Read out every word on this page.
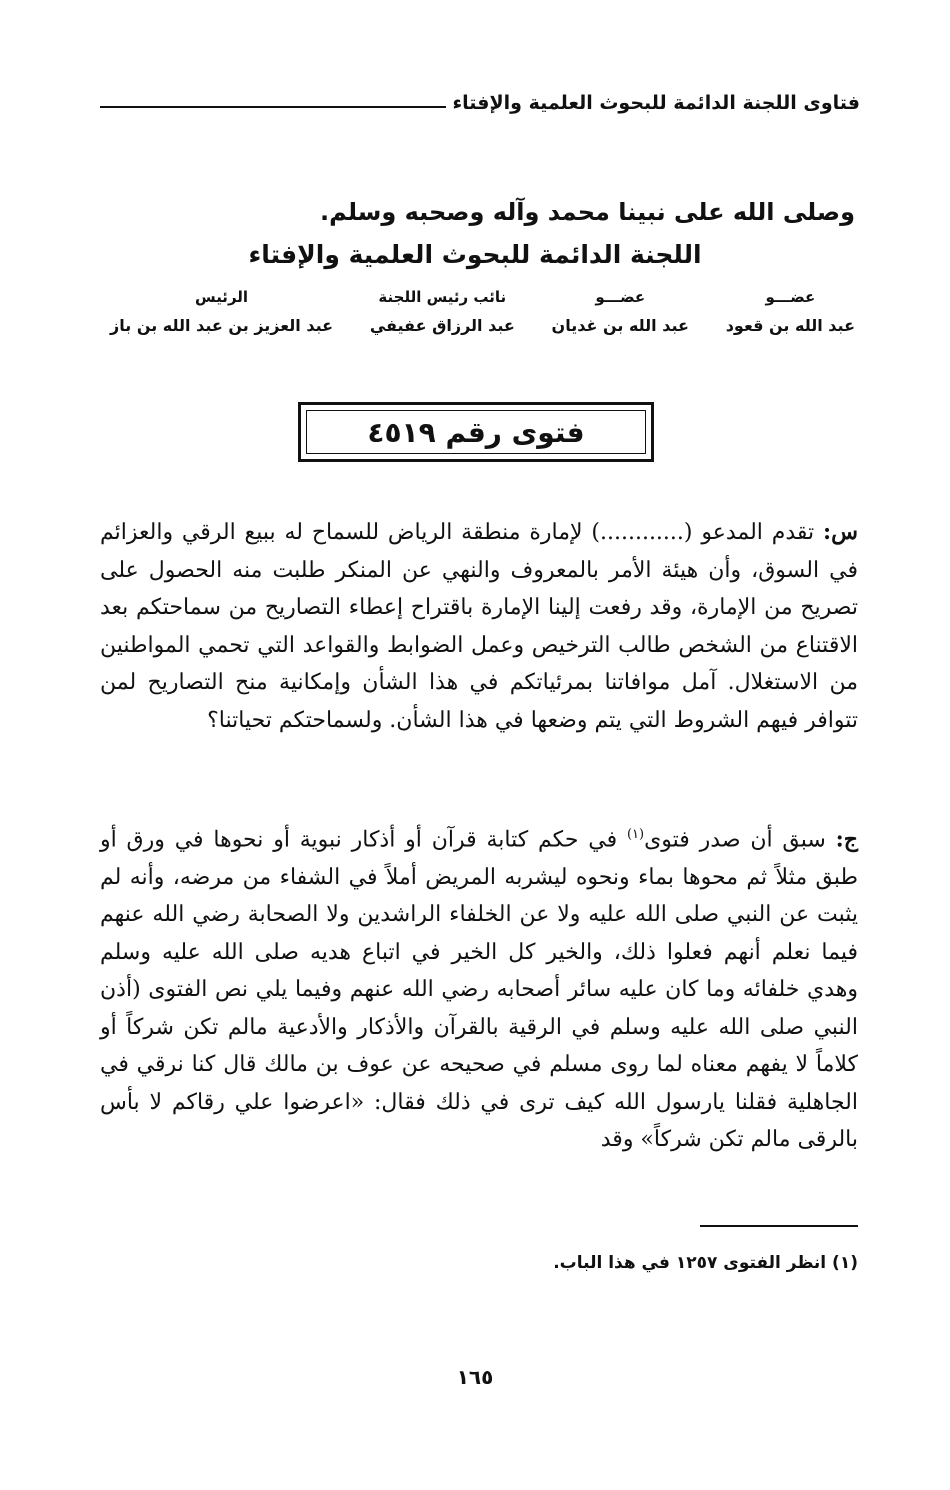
فتاوى اللجنة الدائمة للبحوث العلمية والإفتاء
وصلى الله على نبينا محمد وآله وصحبه وسلم.
اللجنة الدائمة للبحوث العلمية والإفتاء
عضـــو
عبد الله بن قعود
عضـــو
عبد الله بن غديان
نائب رئيس اللجنة
عبد الرزاق عفيفي
الرئيس
عبد العزيز بن عبد الله بن باز
فتوى رقم ٤٥١٩
س: تقدم المدعو (............) لإمارة منطقة الرياض للسماح له ببيع الرقي والعزائم في السوق، وأن هيئة الأمر بالمعروف والنهي عن المنكر طلبت منه الحصول على تصريح من الإمارة، وقد رفعت إلينا الإمارة باقتراح إعطاء التصاريح من سماحتكم بعد الاقتناع من الشخص طالب الترخيص وعمل الضوابط والقواعد التي تحمي المواطنين من الاستغلال. آمل موافاتنا بمرئياتكم في هذا الشأن وإمكانية منح التصاريح لمن تتوافر فيهم الشروط التي يتم وضعها في هذا الشأن. ولسماحتكم تحياتنا؟
ج: سبق أن صدر فتوى$^{(١)}$ في حكم كتابة قرآن أو أذكار نبوية أو نحوها في ورق أو طبق مثلاً ثم محوها بماء ونحوه ليشربه المريض أملاً في الشفاء من مرضه، وأنه لم يثبت عن النبي صلى الله عليه ولا عن الخلفاء الراشدين ولا الصحابة رضي الله عنهم فيما نعلم أنهم فعلوا ذلك، والخير كل الخير في اتباع هديه صلى الله عليه وسلم وهدي خلفائه وما كان عليه سائر أصحابه رضي الله عنهم وفيما يلي نص الفتوى (أذن النبي صلى الله عليه وسلم في الرقية بالقرآن والأذكار والأدعية مالم تكن شركاً أو كلاماً لا يفهم معناه لما روى مسلم في صحيحه عن عوف بن مالك قال كنا نرقي في الجاهلية فقلنا يارسول الله كيف ترى في ذلك فقال: «اعرضوا علي رقاكم لا بأس بالرقى مالم تكن شركاً» وقد
(١) انظر الفتوى ١٢٥٧ في هذا الباب.
١٦٥
